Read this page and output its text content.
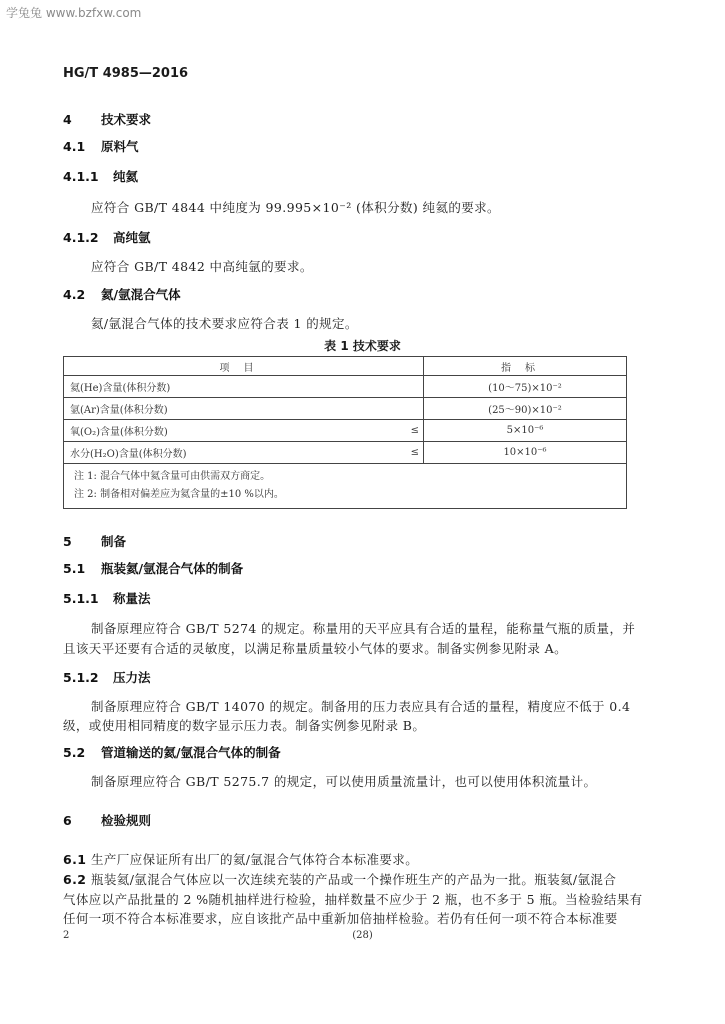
学兔兔 www.bzfxw.com
HG/T 4985—2016
4 技术要求
4.1 原料气
4.1.1 纯氦
应符合 GB/T 4844 中纯度为 99.995×10⁻² (体积分数) 纯氦的要求。
4.1.2 高纯氩
应符合 GB/T 4842 中高纯氩的要求。
4.2 氦/氩混合气体
氦/氩混合气体的技术要求应符合表 1 的规定。
表 1 技术要求
项目		指标
氦(He)含量(体积分数)		(10～75)×10⁻²
氩(Ar)含量(体积分数)		(25～90)×10⁻²
氧(O₂)含量(体积分数)	≤	5×10⁻⁶
水分(H₂O)含量(体积分数)	≤	10×10⁻⁶

注 1: 混合气体中氦含量可由供需双方商定。
注 2: 制备相对偏差应为氦含量的±10 %以内。		
5 制备
5.1 瓶装氦/氩混合气体的制备
5.1.1 称量法
制备原理应符合 GB/T 5274 的规定。称量用的天平应具有合适的量程，能称量气瓶的质量，并
且该天平还要有合适的灵敏度，以满足称量质量较小气体的要求。制备实例参见附录 A。
5.1.2 压力法
制备原理应符合 GB/T 14070 的规定。制备用的压力表应具有合适的量程，精度应不低于 0.4
级，或使用相同精度的数字显示压力表。制备实例参见附录 B。
5.2 管道输送的氦/氩混合气体的制备
制备原理应符合 GB/T 5275.7 的规定，可以使用质量流量计，也可以使用体积流量计。
6 检验规则
6.1 生产厂应保证所有出厂的氦/氩混合气体符合本标准要求。
6.2 瓶装氦/氩混合气体应以一次连续充装的产品或一个操作班生产的产品为一批。瓶装氦/氩混合
气体应以产品批量的 2 %随机抽样进行检验，抽样数量不应少于 2 瓶，也不多于 5 瓶。当检验结果有
任何一项不符合本标准要求，应自该批产品中重新加倍抽样检验。若仍有任何一项不符合本标准要
2	(28)
